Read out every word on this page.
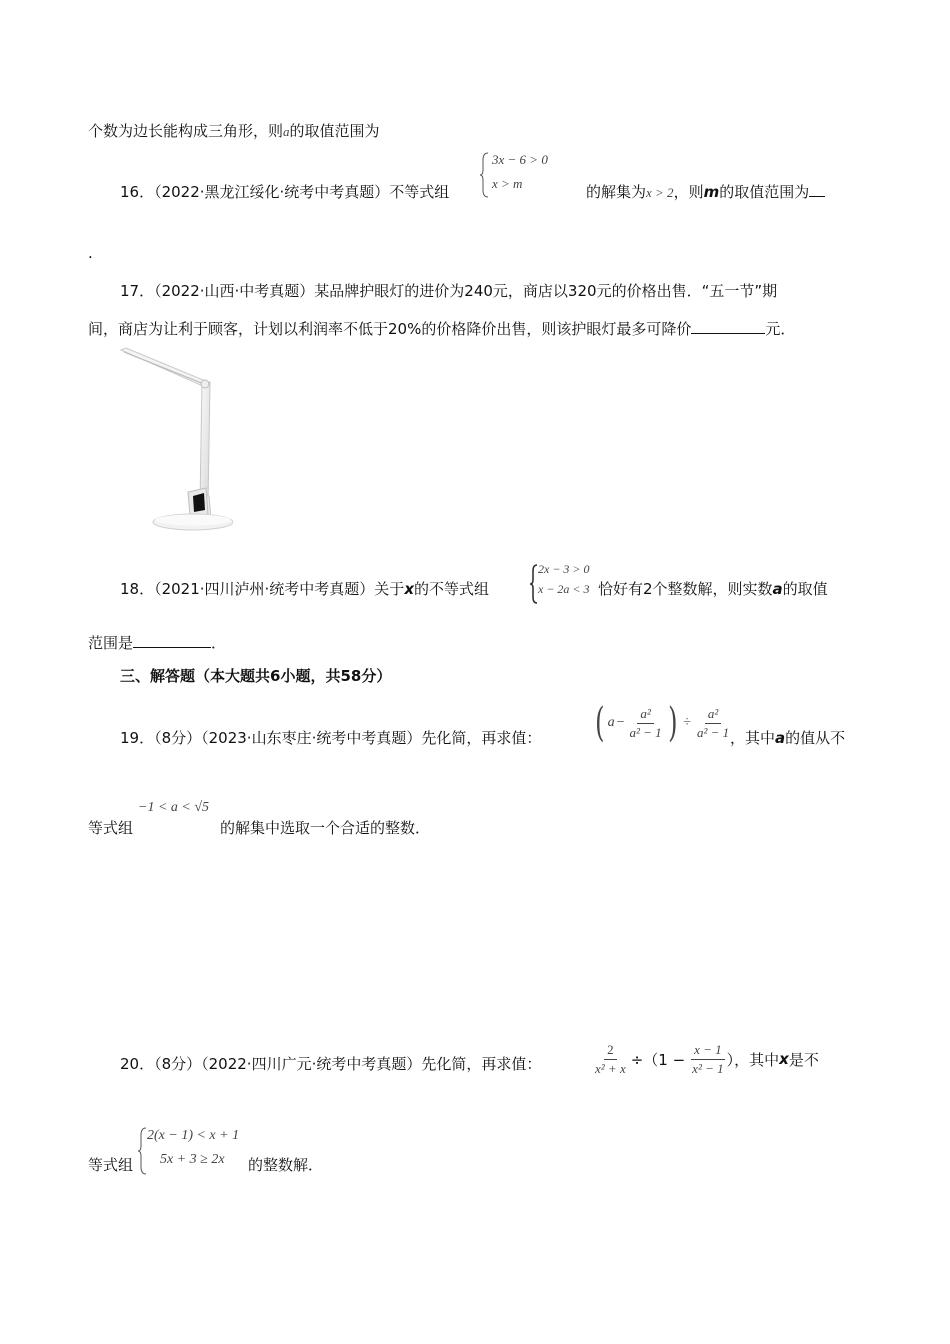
个数为边长能构成三角形，则a的取值范围为
16．（2022·黑龙江绥化·统考中考真题）不等式组
3x − 6 > 0
x > m	的解集为x > 2，则m的取值范围为
.
17．（2022·山西·中考真题）某品牌护眼灯的进价为240元，商店以320元的价格出售．“五一节”期
间，商店为让利于顾客，计划以利润率不低于20%的价格降价出售，则该护眼灯最多可降价	元．
18．（2021·四川泸州·统考中考真题）关于x的不等式组
2x − 3 > 0
x − 2a < 3 恰好有2个整数解，则实数a的取值
范围是	．
三、解答题（本大题共6小题，共58分）
19．（8分）（2023·山东枣庄·统考中考真题）先化简，再求值： ( $a - \frac{\text{a²}}{\text{a² − 1}}$ ) ÷ $\frac{\text{a²}}{\text{a² − 1}}$
，其中a的值从不
等式组
−1 < a < √5
的解集中选取一个合适的整数．
20．（8分）（2022·四川广元·统考中考真题）先化简，再求值：	$\frac{2}{\text{x² + x}} \div(1 - \frac{x - 1}{\text{x² − 1}}$ ），其中 x 是不
等式组
2(x − 1) < x + 1
5x + 3 ≥ 2x 的整数解．
